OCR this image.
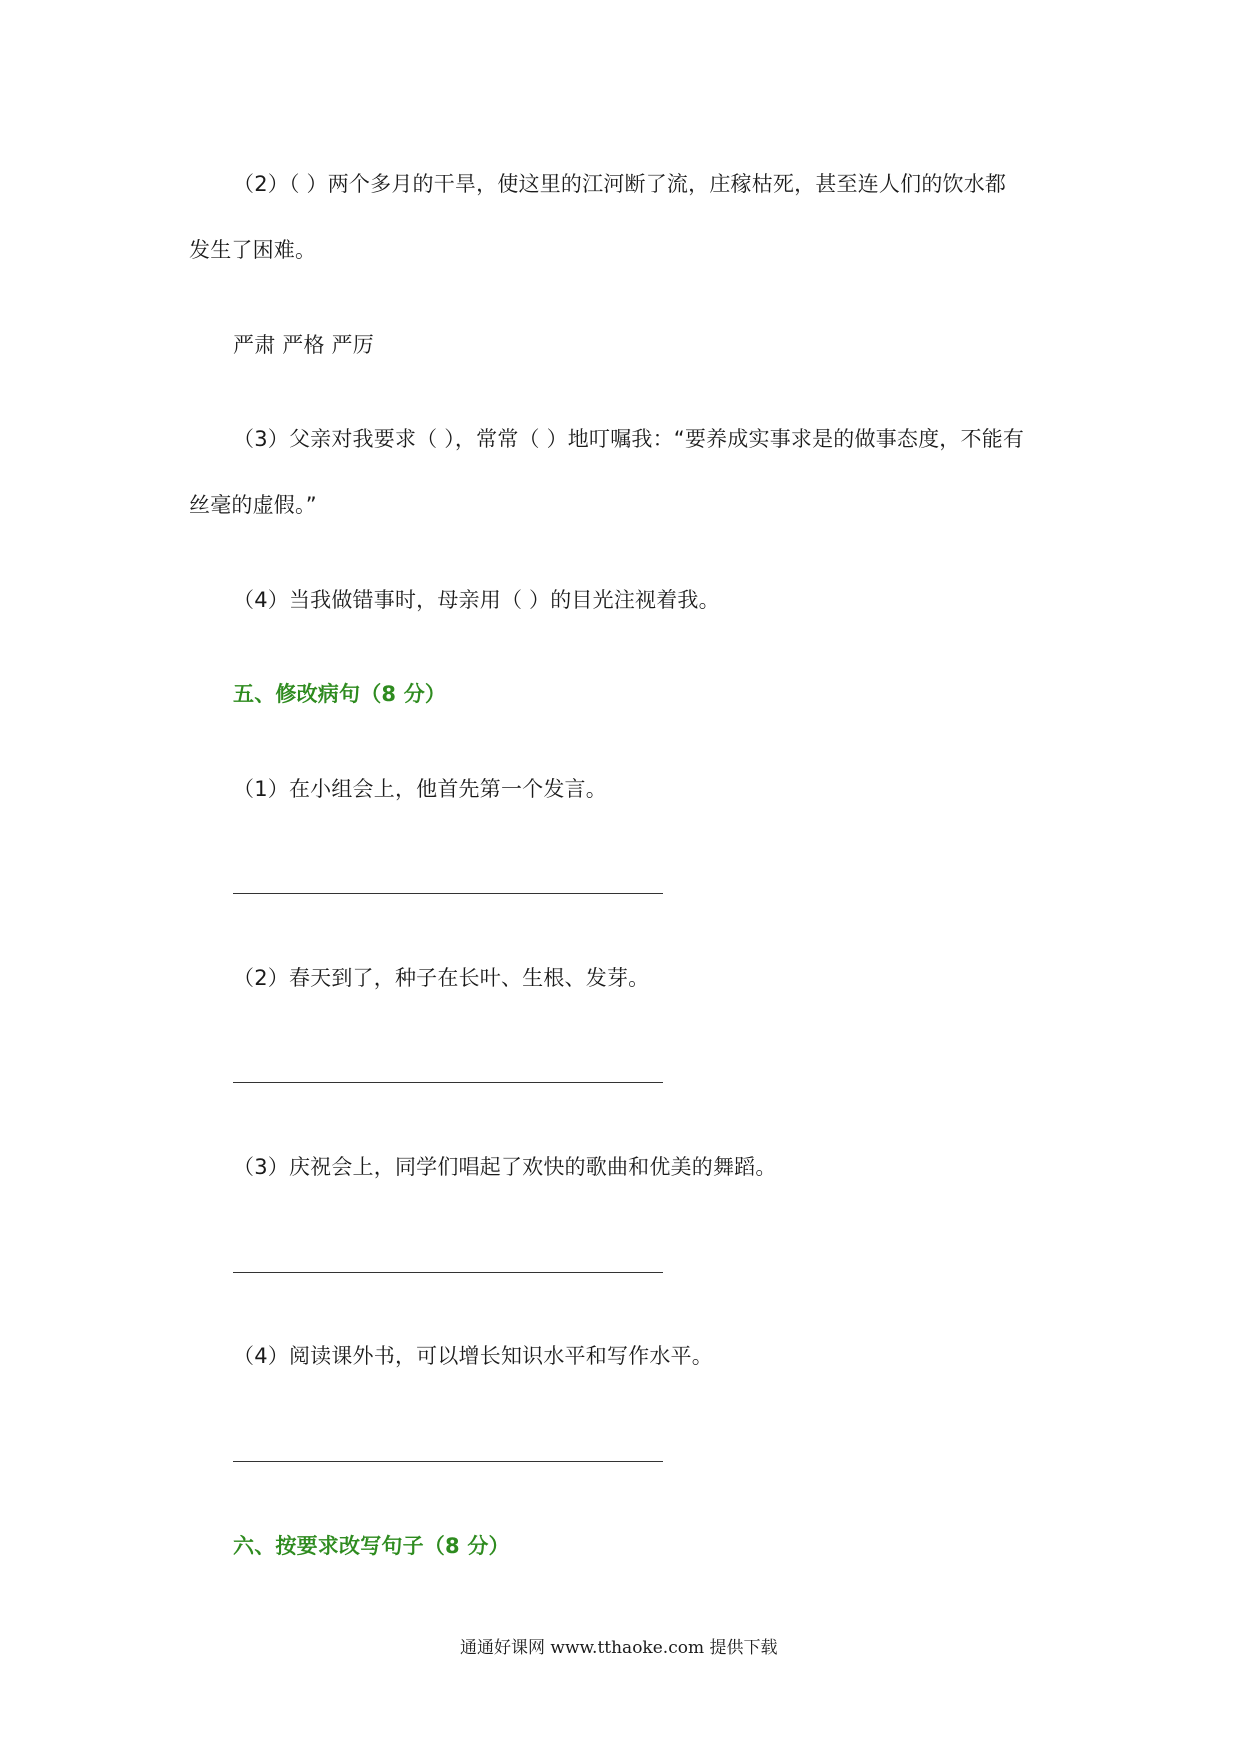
（2）（ ）两个多月的干旱，使这里的江河断了流，庄稼枯死，甚至连人们的饮水都
发生了困难。
严肃 严格 严厉
（3）父亲对我要求（ ），常常（ ）地叮嘱我：“要养成实事求是的做事态度，不能有
丝毫的虚假。”
（4）当我做错事时，母亲用（ ）的目光注视着我。
五、修改病句（8 分）
（1）在小组会上，他首先第一个发言。
（2）春天到了，种子在长叶、生根、发芽。
（3）庆祝会上，同学们唱起了欢快的歌曲和优美的舞蹈。
（4）阅读课外书，可以增长知识水平和写作水平。
六、按要求改写句子（8 分）
通通好课网 www.tthaoke.com 提供下载
